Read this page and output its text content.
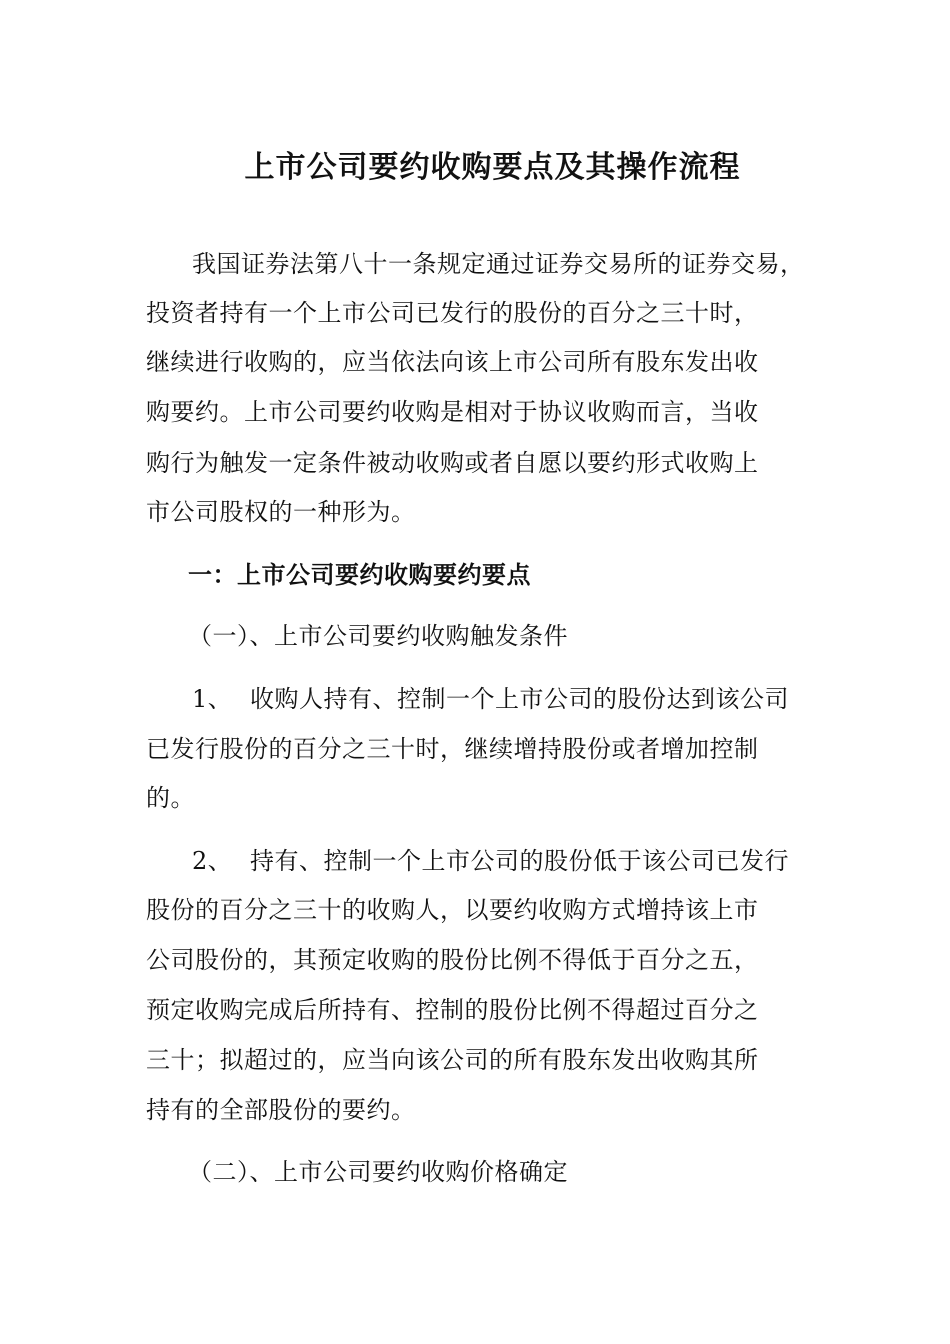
上市公司要约收购要点及其操作流程
我国证券法第八十一条规定通过证券交易所的证券交易，
投资者持有一个上市公司已发行的股份的百分之三十时，
继续进行收购的，应当依法向该上市公司所有股东发出收
购要约。上市公司要约收购是相对于协议收购而言，当收
购行为触发一定条件被动收购或者自愿以要约形式收购上
市公司股权的一种形为。
一：上市公司要约收购要约要点
（一）、上市公司要约收购触发条件
1、 收购人持有、控制一个上市公司的股份达到该公司
已发行股份的百分之三十时，继续增持股份或者增加控制
的。
2、 持有、控制一个上市公司的股份低于该公司已发行
股份的百分之三十的收购人，以要约收购方式增持该上市
公司股份的，其预定收购的股份比例不得低于百分之五，
预定收购完成后所持有、控制的股份比例不得超过百分之
三十；拟超过的，应当向该公司的所有股东发出收购其所
持有的全部股份的要约。
（二）、上市公司要约收购价格确定
